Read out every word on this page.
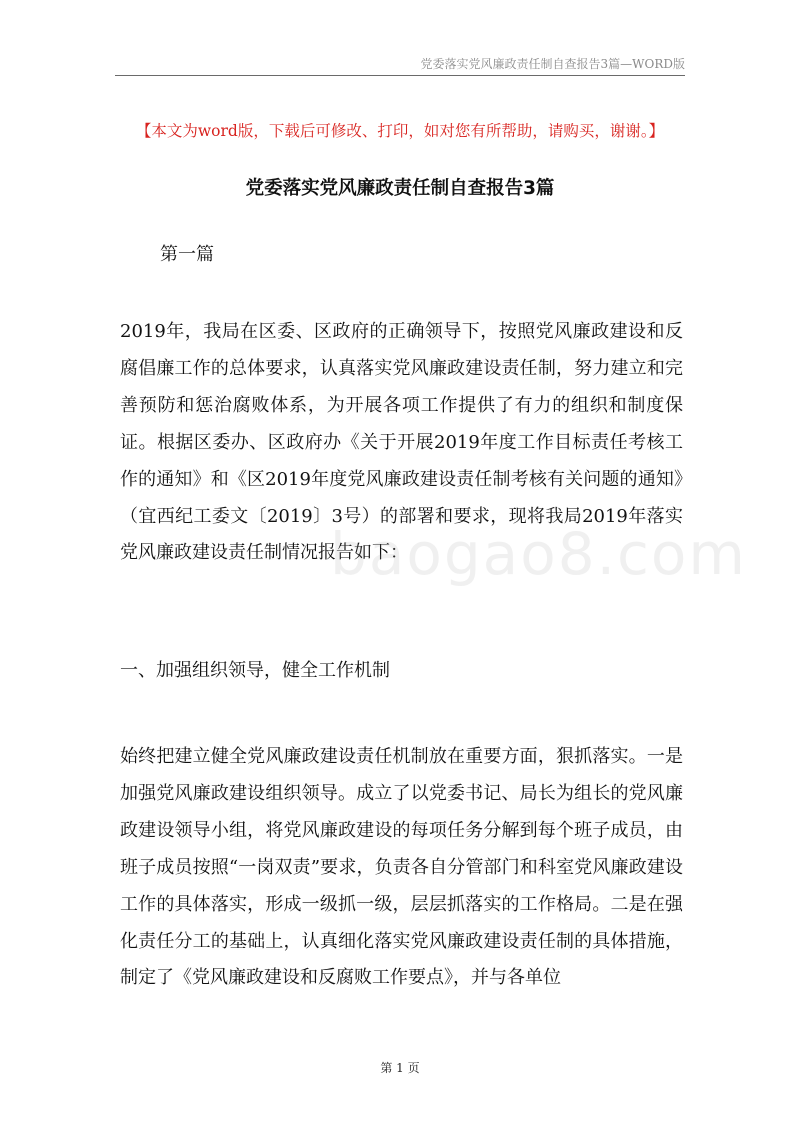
党委落实党风廉政责任制自查报告3篇—WORD版
【本文为word版，下载后可修改、打印，如对您有所帮助，请购买，谢谢。】
党委落实党风廉政责任制自查报告3篇
第一篇

2019年，我局在区委、区政府的正确领导下，按照党风廉政建设和反腐倡廉工作的总体要求，认真落实党风廉政建设责任制，努力建立和完善预防和惩治腐败体系，为开展各项工作提供了有力的组织和制度保证。根据区委办、区政府办《关于开展2019年度工作目标责任考核工作的通知》和《区2019年度党风廉政建设责任制考核有关问题的通知》（宜西纪工委文〔2019〕3号）的部署和要求，现将我局2019年落实党风廉政建设责任制情况报告如下：

baogao8.com
一、加强组织领导，健全工作机制

始终把建立健全党风廉政建设责任机制放在重要方面，狠抓落实。一是加强党风廉政建设组织领导。成立了以党委书记、局长为组长的党风廉政建设领导小组，将党风廉政建设的每项任务分解到每个班子成员，由班子成员按照“一岗双责”要求，负责各自分管部门和科室党风廉政建设工作的具体落实，形成一级抓一级，层层抓落实的工作格局。二是在强化责任分工的基础上，认真细化落实党风廉政建设责任制的具体措施，制定了《党风廉政建设和反腐败工作要点》，并与各单位

第 1 页
